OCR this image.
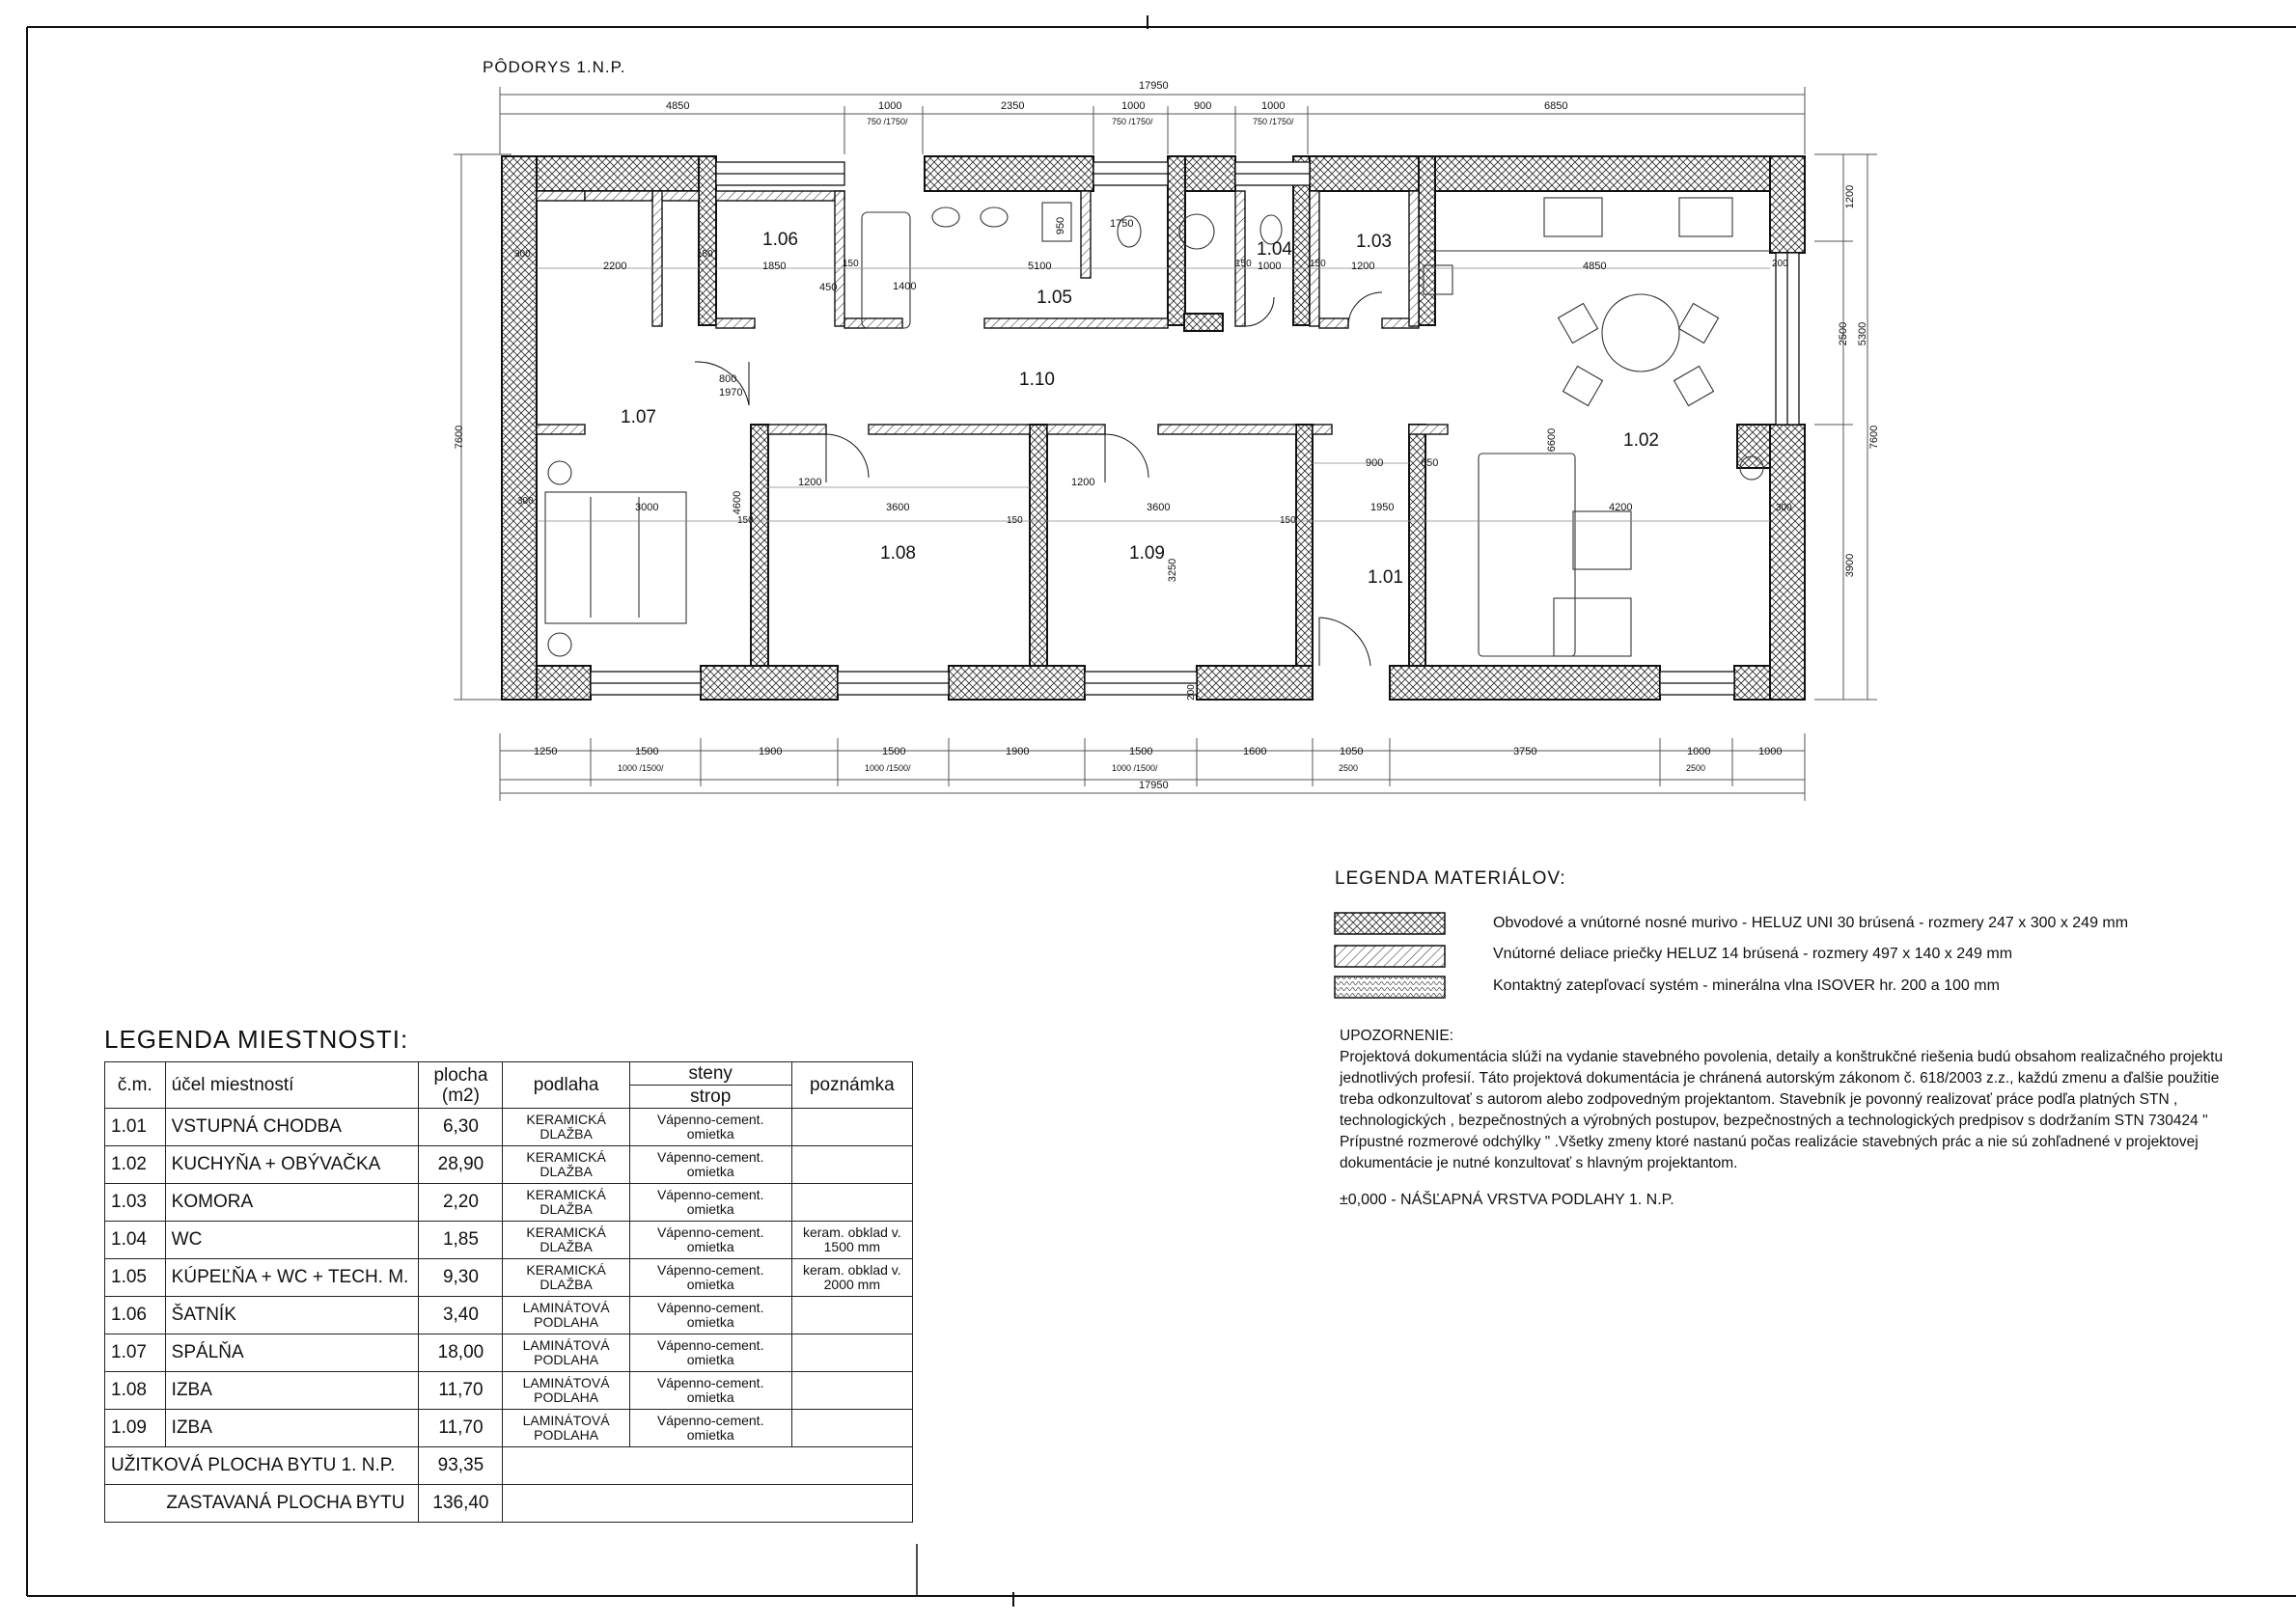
PÔDORYS 1.N.P.
17950
4850	1000	2350	1000	900	1000	6850
750 /1750/	750 /1750/	750 /1750/
1250	1500	1900	1500	1900	1500	1600	1050	3750	1000	1000
1000 /1500/	1000 /1500/	1000 /1500/	2500	2500
17950
7600
1200
2500 5300
3900
7600
1.06
1.05
1.04	1.03
1.07
1.10
1.02
1.08	1.09
1.01
2200	1850
1400
5100
1750
1000	1200	4850
800
1970
1200
3600
1200
3600
900	650
1950	4200
3000
6600
4600
3250
950
450
300	150
150	150	150
150	150	150
200
200
300
300
LEGENDA MATERIÁLOV:
Obvodové a vnútorné nosné murivo - HELUZ UNI 30 brúsená - rozmery 247 x 300 x 249 mm
Vnútorné deliace priečky HELUZ 14 brúsená - rozmery 497 x 140 x 249 mm
Kontaktný zatepľovací systém - minerálna vlna ISOVER hr. 200 a 100 mm
UPOZORNENIE:
Projektová dokumentácia slúži na vydanie stavebného povolenia, detaily a konštrukčné riešenia budú obsahom realizačného projektu
jednotlivých profesií. Táto projektová dokumentácia je chránená autorským zákonom č. 618/2003 z.z., každú zmenu a ďalšie použitie
treba odkonzultovať s autorom alebo zodpovedným projektantom. Stavebník je povonný realizovať práce podľa platných STN ,
technologických , bezpečnostných a výrobných postupov, bezpečnostných a technologických predpisov s dodržaním STN 730424 "
Prípustné rozmerové odchýlky " .Všetky zmeny ktoré nastanú počas realizácie stavebných prác a nie sú zohľadnené v projektovej
dokumentácie je nutné konzultovať s hlavným projektantom.
±0,000 - NÁŠĽAPNÁ VRSTVA PODLAHY 1. N.P.
LEGENDA MIESTNOSTI:
č.m.	účel miestností	plocha
(m2)	podlaha	steny	poznámka
				strop	
1.01	VSTUPNÁ CHODBA	6,30	KERAMICKÁ DLAŽBA	Vápenno-cement. omietka	
1.02	KUCHYŇA + OBÝVAČKA	28,90	KERAMICKÁ DLAŽBA	Vápenno-cement. omietka	
1.03	KOMORA	2,20	KERAMICKÁ DLAŽBA	Vápenno-cement. omietka	
1.04	WC	1,85	KERAMICKÁ DLAŽBA	Vápenno-cement. omietka	keram. obklad v. 1500 mm
1.05	KÚPEĽŇA + WC + TECH. M.	9,30	KERAMICKÁ DLAŽBA	Vápenno-cement. omietka	keram. obklad v. 2000 mm
1.06	ŠATNÍK	3,40	LAMINÁTOVÁ PODLAHA	Vápenno-cement. omietka	
1.07	SPÁLŇA	18,00	LAMINÁTOVÁ PODLAHA	Vápenno-cement. omietka	
1.08	IZBA	11,70	LAMINÁTOVÁ PODLAHA	Vápenno-cement. omietka	
1.09	IZBA	11,70	LAMINÁTOVÁ PODLAHA	Vápenno-cement. omietka	
UŽITKOVÁ PLOCHA BYTU 1. N.P.		93,35			
ZASTAVANÁ PLOCHA BYTU		136,40			
